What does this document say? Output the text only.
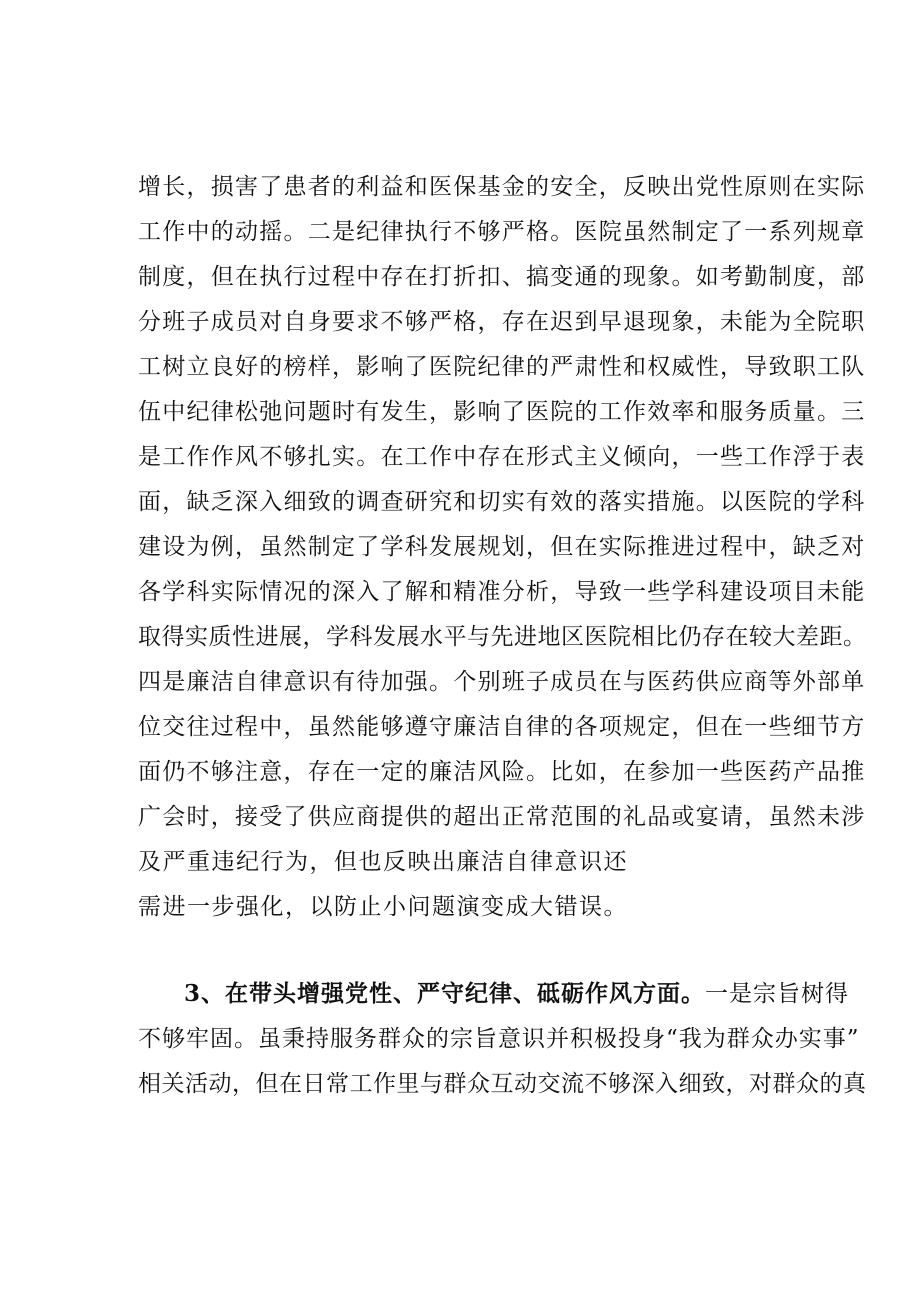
增长，损害了患者的利益和医保基金的安全，反映出党性原则在实际
工作中的动摇。二是纪律执行不够严格。医院虽然制定了一系列规章
制度，但在执行过程中存在打折扣、搞变通的现象。如考勤制度，部
分班子成员对自身要求不够严格，存在迟到早退现象，未能为全院职
工树立良好的榜样，影响了医院纪律的严肃性和权威性，导致职工队
伍中纪律松弛问题时有发生，影响了医院的工作效率和服务质量。三
是工作作风不够扎实。在工作中存在形式主义倾向，一些工作浮于表
面，缺乏深入细致的调查研究和切实有效的落实措施。以医院的学科
建设为例，虽然制定了学科发展规划，但在实际推进过程中，缺乏对
各学科实际情况的深入了解和精准分析，导致一些学科建设项目未能
取得实质性进展，学科发展水平与先进地区医院相比仍存在较大差距。
四是廉洁自律意识有待加强。个别班子成员在与医药供应商等外部单
位交往过程中，虽然能够遵守廉洁自律的各项规定，但在一些细节方
面仍不够注意，存在一定的廉洁风险。比如，在参加一些医药产品推
广会时，接受了供应商提供的超出正常范围的礼品或宴请，虽然未涉
及严重违纪行为，但也反映出廉洁自律意识还
需进一步强化，以防止小问题演变成大错误。
3、在带头增强党性、严守纪律、砥砺作风方面。一是宗旨树得
不够牢固。虽秉持服务群众的宗旨意识并积极投身“我为群众办实事”
相关活动，但在日常工作里与群众互动交流不够深入细致，对群众的真
